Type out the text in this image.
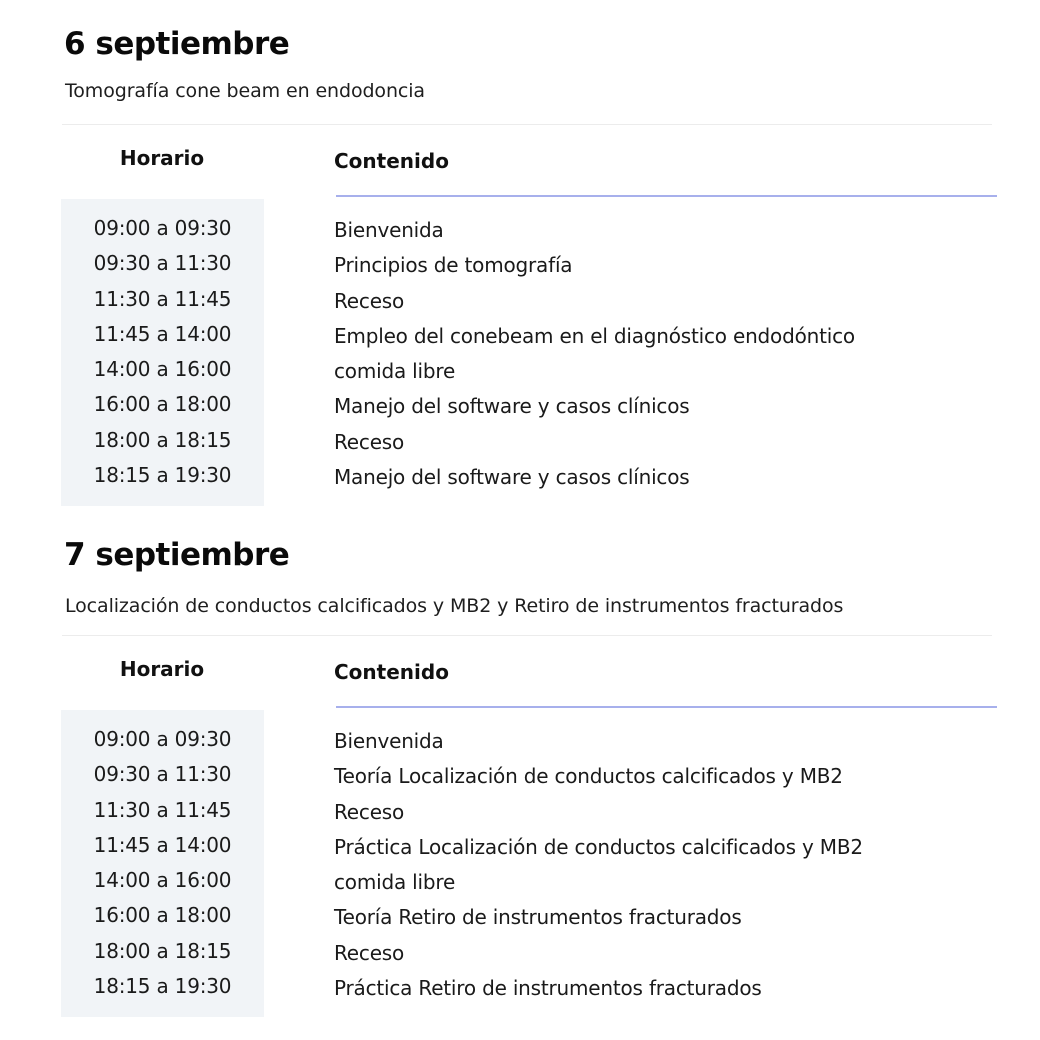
6 septiembre
Tomografía cone beam en endodoncia
Horario	Contenido
09:00 a 09:30
09:30 a 11:30
11:30 a 11:45
11:45 a 14:00
14:00 a 16:00
16:00 a 18:00
18:00 a 18:15
18:15 a 19:30
Bienvenida
Principios de tomografía
Receso
Empleo del conebeam en el diagnóstico endodóntico
comida libre
Manejo del software y casos clínicos
Receso
Manejo del software y casos clínicos
7 septiembre
Localización de conductos calcificados y MB2 y Retiro de instrumentos fracturados
Horario	Contenido
09:00 a 09:30
09:30 a 11:30
11:30 a 11:45
11:45 a 14:00
14:00 a 16:00
16:00 a 18:00
18:00 a 18:15
18:15 a 19:30
Bienvenida
Teoría Localización de conductos calcificados y MB2
Receso
Práctica Localización de conductos calcificados y MB2
comida libre
Teoría Retiro de instrumentos fracturados
Receso
Práctica Retiro de instrumentos fracturados
